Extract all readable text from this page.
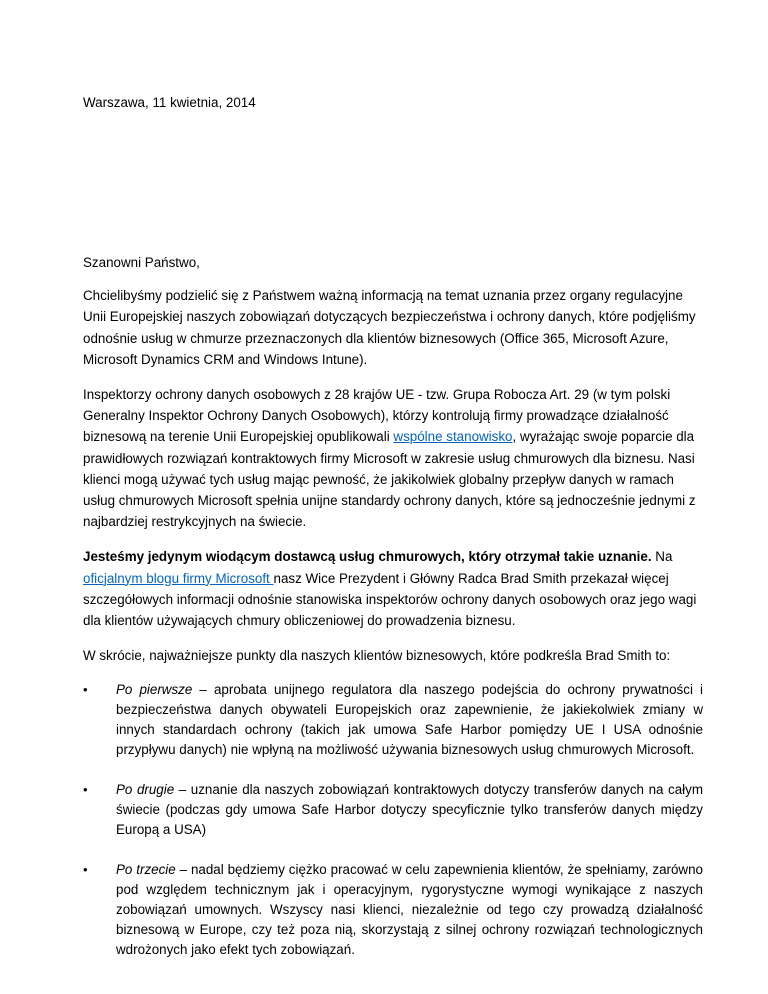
Warszawa, 11 kwietnia, 2014

Szanowni Państwo,

Chcielibyśmy podzielić się z Państwem ważną informacją na temat uznania przez organy regulacyjne Unii Europejskiej naszych zobowiązań dotyczących bezpieczeństwa i ochrony danych, które podjęliśmy odnośnie usług w chmurze przeznaczonych dla klientów biznesowych (Office 365, Microsoft Azure, Microsoft Dynamics CRM and Windows Intune).

Inspektorzy ochrony danych osobowych z 28 krajów UE - tzw. Grupa Robocza Art. 29 (w tym polski Generalny Inspektor Ochrony Danych Osobowych), którzy kontrolują firmy prowadzące działalność biznesową na terenie Unii Europejskiej opublikowali wspólne stanowisko, wyrażając swoje poparcie dla prawidłowych rozwiązań kontraktowych firmy Microsoft w zakresie usług chmurowych dla biznesu. Nasi klienci mogą używać tych usług mając pewność, że jakikolwiek globalny przepływ danych w ramach usług chmurowych Microsoft spełnia unijne standardy ochrony danych, które są jednocześnie jednymi z najbardziej restrykcyjnych na świecie.

Jesteśmy jedynym wiodącym dostawcą usług chmurowych, który otrzymał takie uznanie. Na oficjalnym blogu firmy Microsoft nasz Wice Prezydent i Główny Radca Brad Smith przekazał więcej szczegółowych informacji odnośnie stanowiska inspektorów ochrony danych osobowych oraz jego wagi dla klientów używających chmury obliczeniowej do prowadzenia biznesu.

W skrócie, najważniejsze punkty dla naszych klientów biznesowych, które podkreśla Brad Smith to:

• Po pierwsze – aprobata unijnego regulatora dla naszego podejścia do ochrony prywatności i bezpieczeństwa danych obywateli Europejskich oraz zapewnienie, że jakiekolwiek zmiany w innych standardach ochrony (takich jak umowa Safe Harbor pomiędzy UE I USA odnośnie przypływu danych) nie wpłyną na możliwość używania biznesowych usług chmurowych Microsoft.
• Po drugie – uznanie dla naszych zobowiązań kontraktowych dotyczy transferów danych na całym świecie (podczas gdy umowa Safe Harbor dotyczy specyficznie tylko transferów danych między Europą a USA)
• Po trzecie – nadal będziemy ciężko pracować w celu zapewnienia klientów, że spełniamy, zarówno pod względem technicznym jak i operacyjnym, rygorystyczne wymogi wynikające z naszych zobowiązań umownych. Wszyscy nasi klienci, niezależnie od tego czy prowadzą działalność biznesową w Europe, czy też poza nią, skorzystają z silnej ochrony rozwiązań technologicznych wdrożonych jako efekt tych zobowiązań.
